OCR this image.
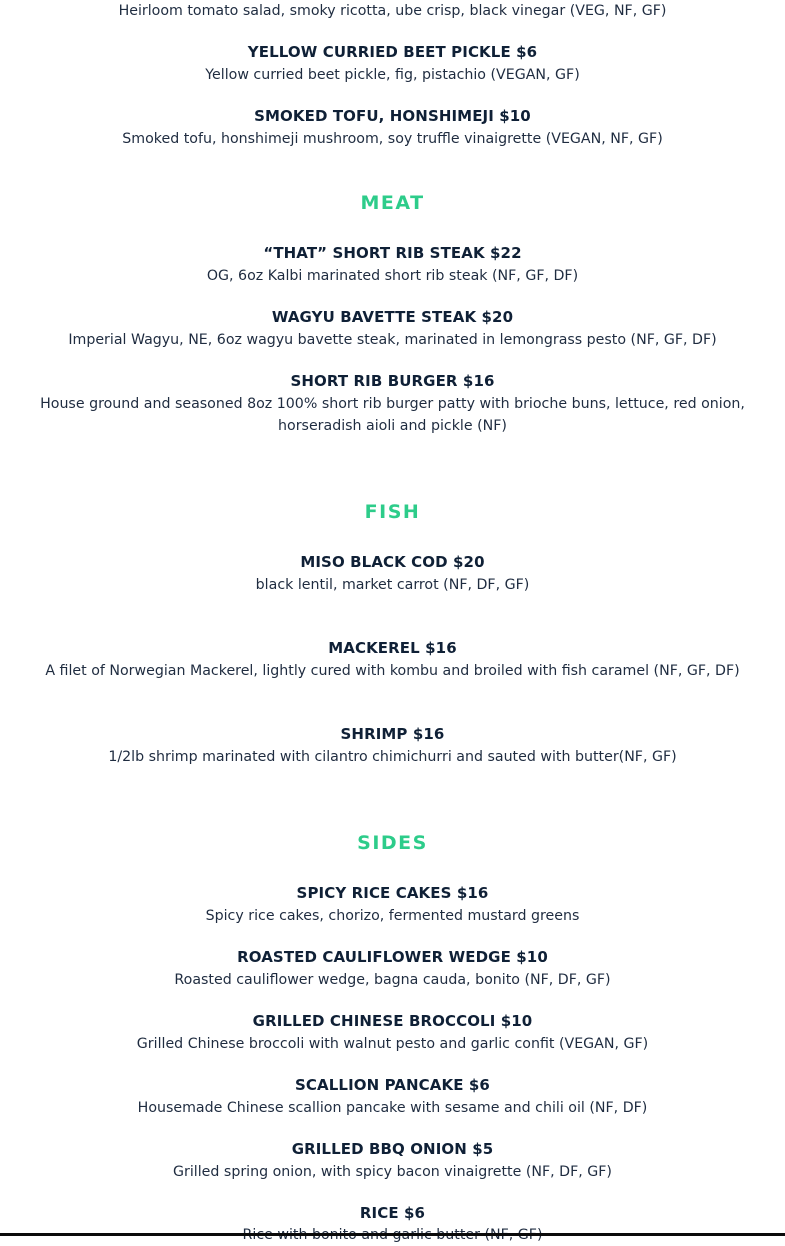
Heirloom tomato salad, smoky ricotta, ube crisp, black vinegar (VEG, NF, GF)
YELLOW CURRIED BEET PICKLE $6
Yellow curried beet pickle, fig, pistachio (VEGAN, GF)
SMOKED TOFU, HONSHIMEJI $10
Smoked tofu, honshimeji mushroom, soy truffle vinaigrette (VEGAN, NF, GF)
MEAT
“THAT” SHORT RIB STEAK $22
OG, 6oz Kalbi marinated short rib steak (NF, GF, DF)
WAGYU BAVETTE STEAK $20
Imperial Wagyu, NE, 6oz wagyu bavette steak, marinated in lemongrass pesto (NF, GF, DF)
SHORT RIB BURGER $16
House ground and seasoned 8oz 100% short rib burger patty with brioche buns, lettuce, red onion, horseradish aioli and pickle (NF)
FISH
MISO BLACK COD $20
black lentil, market carrot (NF, DF, GF)
MACKEREL $16
A filet of Norwegian Mackerel, lightly cured with kombu and broiled with fish caramel (NF, GF, DF)
SHRIMP $16
1/2lb shrimp marinated with cilantro chimichurri and sauted with butter(NF, GF)
SIDES
SPICY RICE CAKES $16
Spicy rice cakes, chorizo, fermented mustard greens
ROASTED CAULIFLOWER WEDGE $10
Roasted cauliflower wedge, bagna cauda, bonito (NF, DF, GF)
GRILLED CHINESE BROCCOLI $10
Grilled Chinese broccoli with walnut pesto and garlic confit (VEGAN, GF)
SCALLION PANCAKE $6
Housemade Chinese scallion pancake with sesame and chili oil (NF, DF)
GRILLED BBQ ONION $5
Grilled spring onion, with spicy bacon vinaigrette (NF, DF, GF)
RICE $6
